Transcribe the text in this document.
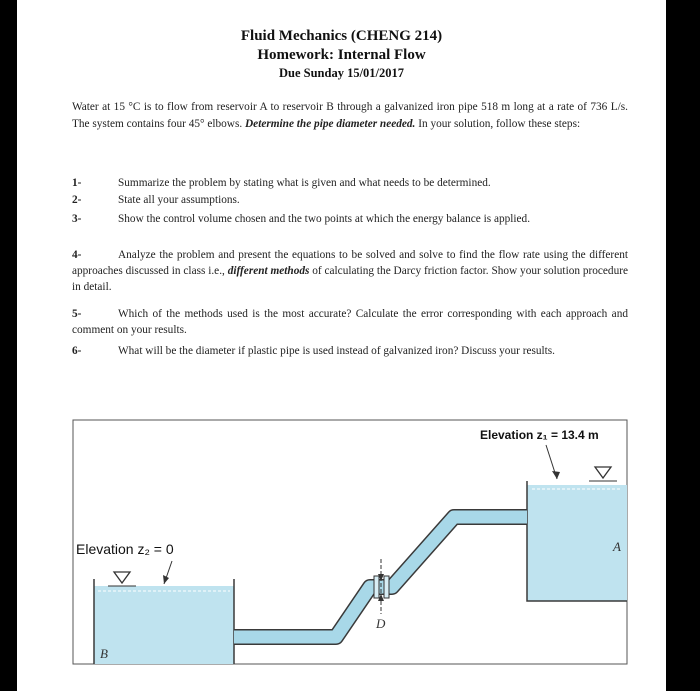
Fluid Mechanics (CHENG 214)
Homework: Internal Flow
Due Sunday 15/01/2017
Water at 15 °C is to flow from reservoir A to reservoir B through a galvanized iron pipe 518 m long at a rate of 736 L/s. The system contains four 45° elbows. Determine the pipe diameter needed. In your solution, follow these steps:
1-	Summarize the problem by stating what is given and what needs to be determined.
2-	State all your assumptions.
3-	Show the control volume chosen and the two points at which the energy balance is applied.
4-	Analyze the problem and present the equations to be solved and solve to find the flow rate using the different approaches discussed in class i.e., different methods of calculating the Darcy friction factor. Show your solution procedure in detail.
5-	Which of the methods used is the most accurate? Calculate the error corresponding with each approach and comment on your results.
6-	What will be the diameter if plastic pipe is used instead of galvanized iron? Discuss your results.
Elevation z₁ = 13.4 m
Elevation z₂ = 0	A
B
D
